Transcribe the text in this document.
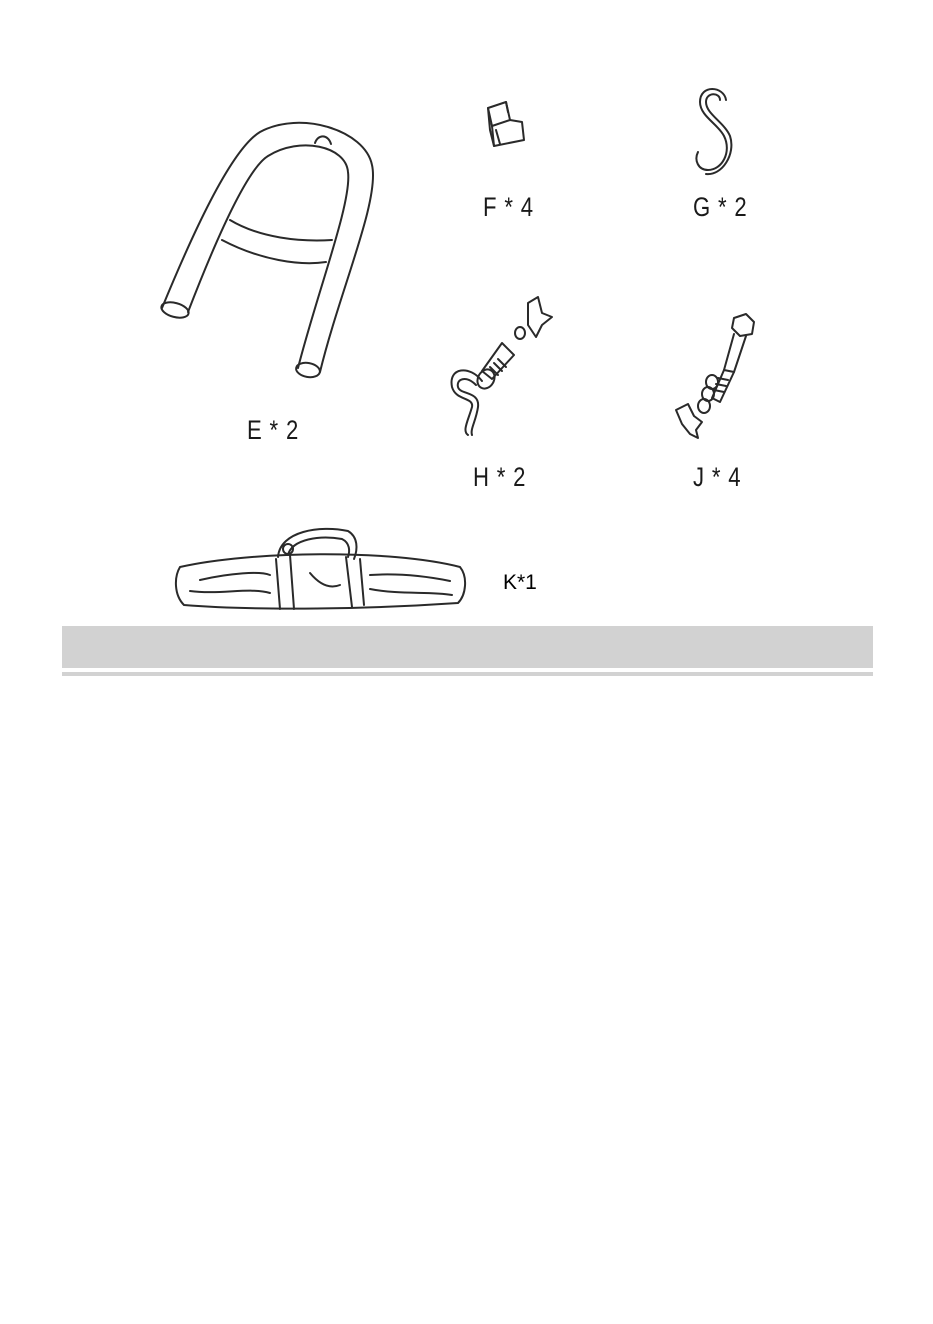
E * 2
F * 4	G * 2
H * 2	J * 4
K*1
